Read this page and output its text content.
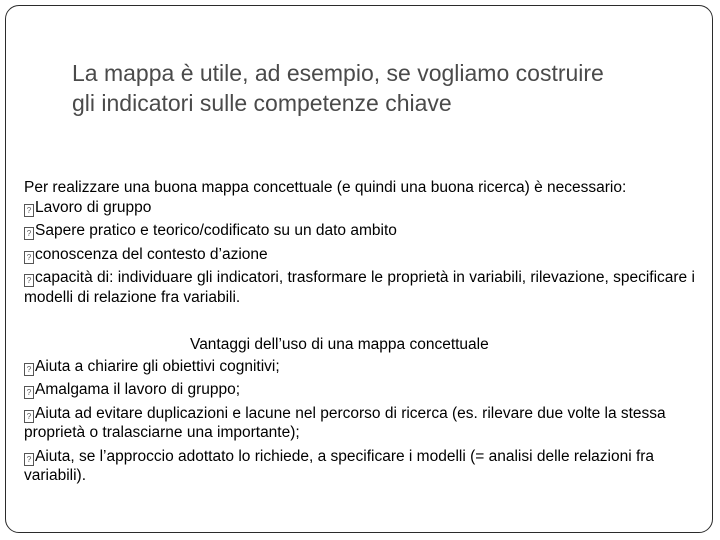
La mappa è utile, ad esempio, se vogliamo costruire gli indicatori sulle competenze chiave

Per realizzare una buona mappa concettuale (e quindi una buona ricerca) è necessario:

? Lavoro di gruppo
? Sapere pratico e teorico/codificato su un dato ambito
? conoscenza del contesto d’azione
? capacità di: individuare gli indicatori, trasformare le proprietà in variabili, rilevazione, specificare i modelli di relazione fra variabili.

Vantaggi dell’uso di una mappa concettuale

? Aiuta a chiarire gli obiettivi cognitivi;
? Amalgama il lavoro di gruppo;
? Aiuta ad evitare duplicazioni e lacune nel percorso di ricerca (es. rilevare due volte la stessa proprietà o tralasciarne una importante);
? Aiuta, se l’approccio adottato lo richiede, a specificare i modelli (= analisi delle relazioni fra variabili).
